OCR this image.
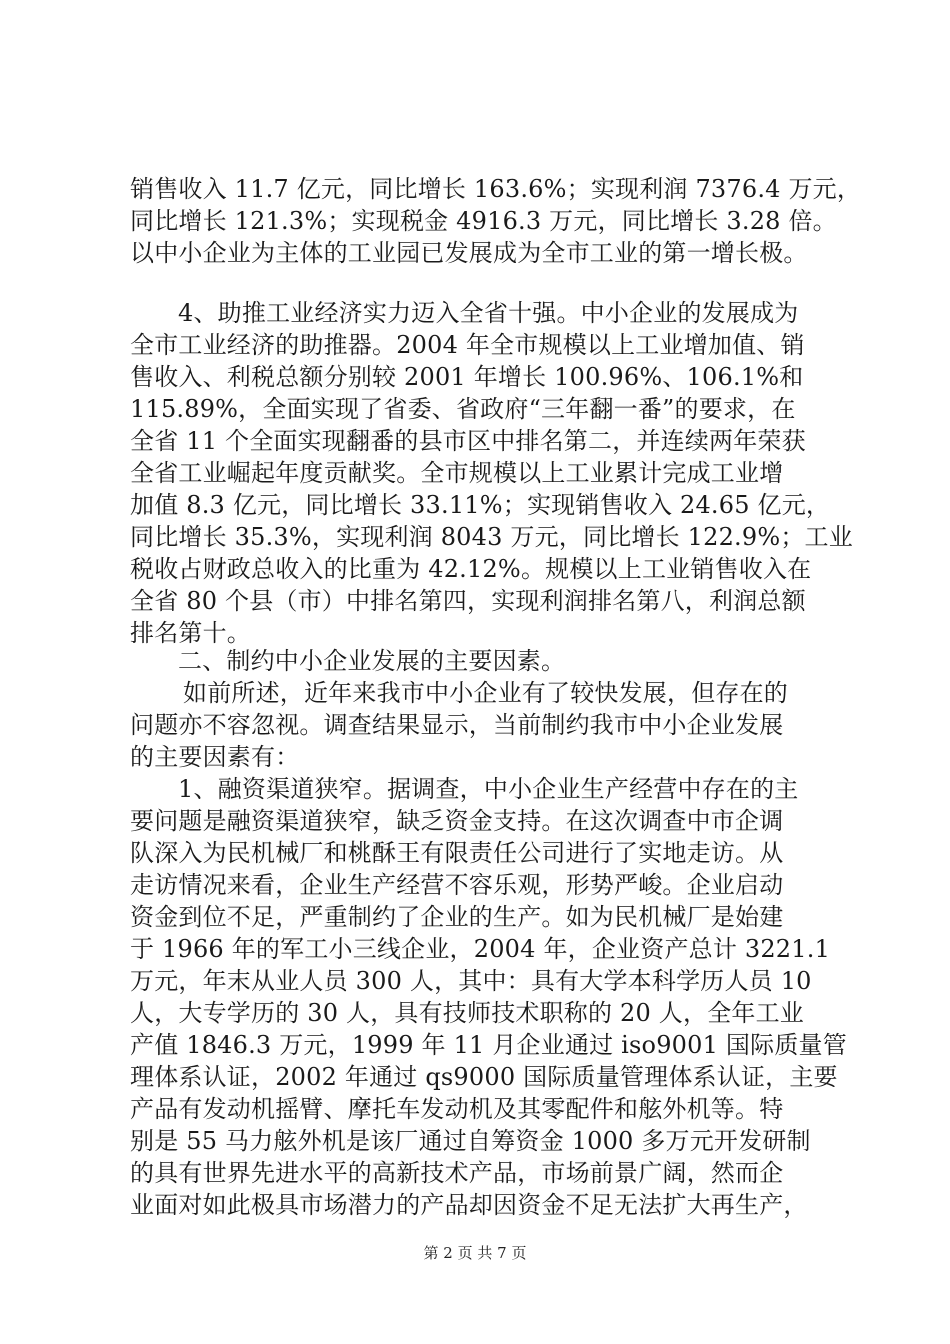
销售收入 11.7 亿元，同比增长 163.6%；实现利润 7376.4 万元，
同比增长 121.3%；实现税金 4916.3 万元，同比增长 3.28 倍。
以中小企业为主体的工业园已发展成为全市工业的第一增长极。
4、助推工业经济实力迈入全省十强。中小企业的发展成为
全市工业经济的助推器。2004 年全市规模以上工业增加值、销
售收入、利税总额分别较 2001 年增长 100.96%、106.1%和
115.89%，全面实现了省委、省政府“三年翻一番”的要求，在
全省 11 个全面实现翻番的县市区中排名第二，并连续两年荣获
全省工业崛起年度贡献奖。全市规模以上工业累计完成工业增
加值 8.3 亿元，同比增长 33.11%；实现销售收入 24.65 亿元，
同比增长 35.3%，实现利润 8043 万元，同比增长 122.9%；工业
税收占财政总收入的比重为 42.12%。规模以上工业销售收入在
全省 80 个县（市）中排名第四，实现利润排名第八，利润总额
排名第十。
二、制约中小企业发展的主要因素。
如前所述，近年来我市中小企业有了较快发展，但存在的
问题亦不容忽视。调查结果显示，当前制约我市中小企业发展
的主要因素有：
1、融资渠道狭窄。据调查，中小企业生产经营中存在的主
要问题是融资渠道狭窄，缺乏资金支持。在这次调查中市企调
队深入为民机械厂和桃酥王有限责任公司进行了实地走访。从
走访情况来看，企业生产经营不容乐观，形势严峻。企业启动
资金到位不足，严重制约了企业的生产。如为民机械厂是始建
于 1966 年的军工小三线企业，2004 年，企业资产总计 3221.1
万元，年末从业人员 300 人，其中：具有大学本科学历人员 10
人，大专学历的 30 人，具有技师技术职称的 20 人，全年工业
产值 1846.3 万元，1999 年 11 月企业通过 iso9001 国际质量管
理体系认证，2002 年通过 qs9000 国际质量管理体系认证，主要
产品有发动机摇臂、摩托车发动机及其零配件和舷外机等。特
别是 55 马力舷外机是该厂通过自筹资金 1000 多万元开发研制
的具有世界先进水平的高新技术产品，市场前景广阔，然而企
业面对如此极具市场潜力的产品却因资金不足无法扩大再生产，
第 2 页 共 7 页
